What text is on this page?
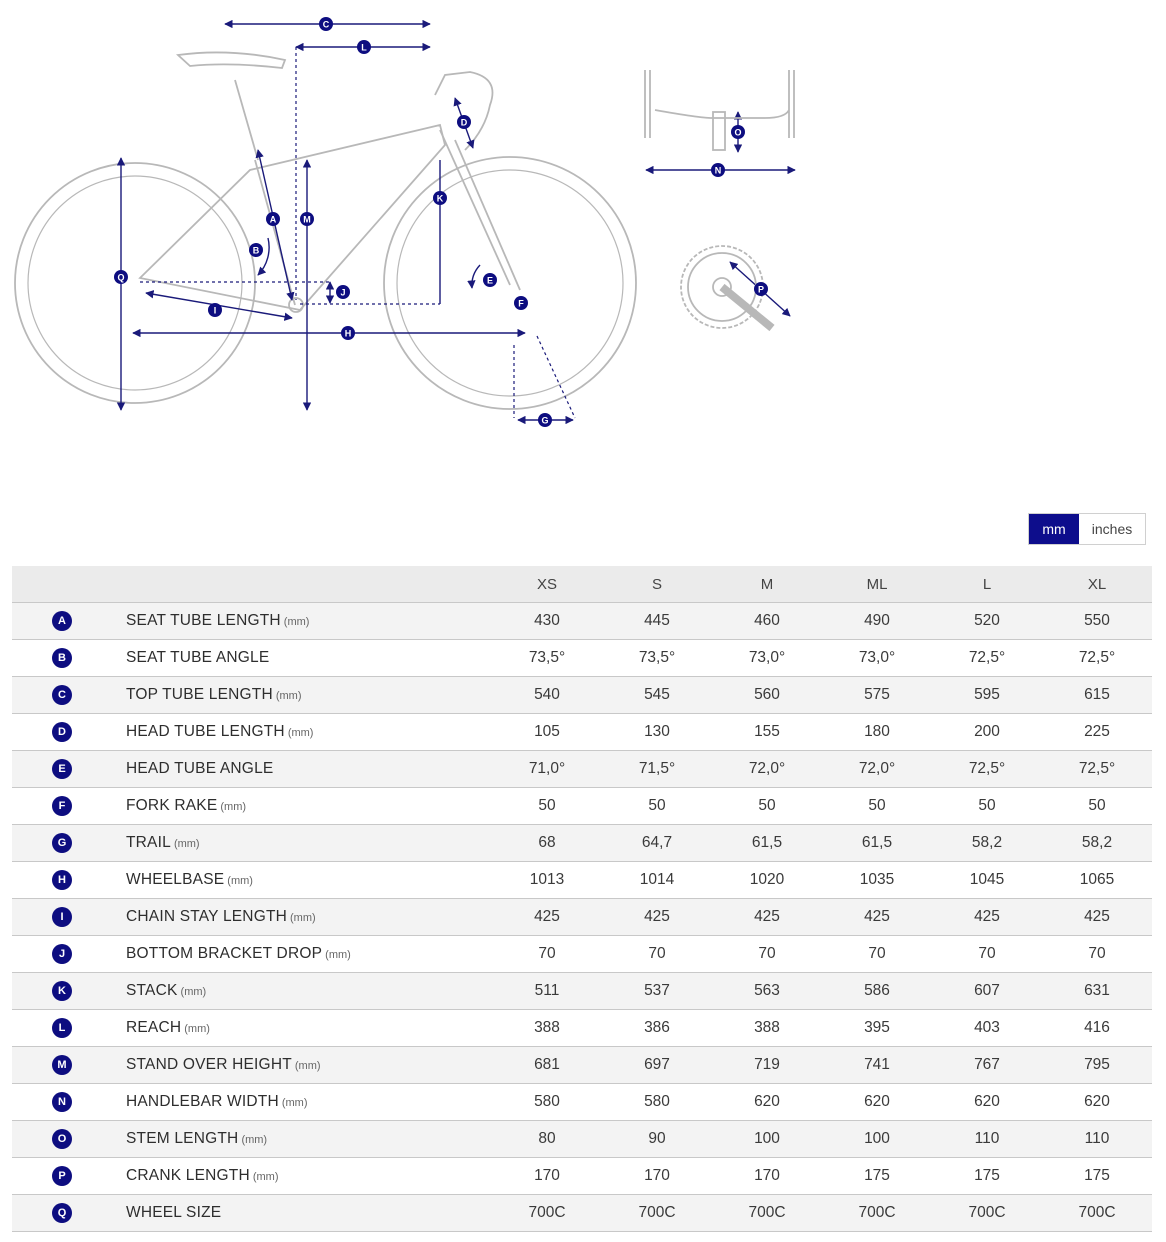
A
B
C
D
E
F
G
H
I
J
K
L
M
N
O
P
Q
mm	inches
		XS	S	M	ML	L	XL
A	SEAT TUBE LENGTH (mm)	430	445	460	490	520	550
B	SEAT TUBE ANGLE	73,5°	73,5°	73,0°	73,0°	72,5°	72,5°
C	TOP TUBE LENGTH (mm)	540	545	560	575	595	615
D	HEAD TUBE LENGTH (mm)	105	130	155	180	200	225
E	HEAD TUBE ANGLE	71,0°	71,5°	72,0°	72,0°	72,5°	72,5°
F	FORK RAKE (mm)	50	50	50	50	50	50
G	TRAIL (mm)	68	64,7	61,5	61,5	58,2	58,2
H	WHEELBASE (mm)	1013	1014	1020	1035	1045	1065
I	CHAIN STAY LENGTH (mm)	425	425	425	425	425	425
J	BOTTOM BRACKET DROP (mm)	70	70	70	70	70	70
K	STACK (mm)	511	537	563	586	607	631
L	REACH (mm)	388	386	388	395	403	416
M	STAND OVER HEIGHT (mm)	681	697	719	741	767	795
N	HANDLEBAR WIDTH (mm)	580	580	620	620	620	620
O	STEM LENGTH (mm)	80	90	100	100	110	110
P	CRANK LENGTH (mm)	170	170	170	175	175	175
Q	WHEEL SIZE	700C	700C	700C	700C	700C	700C
